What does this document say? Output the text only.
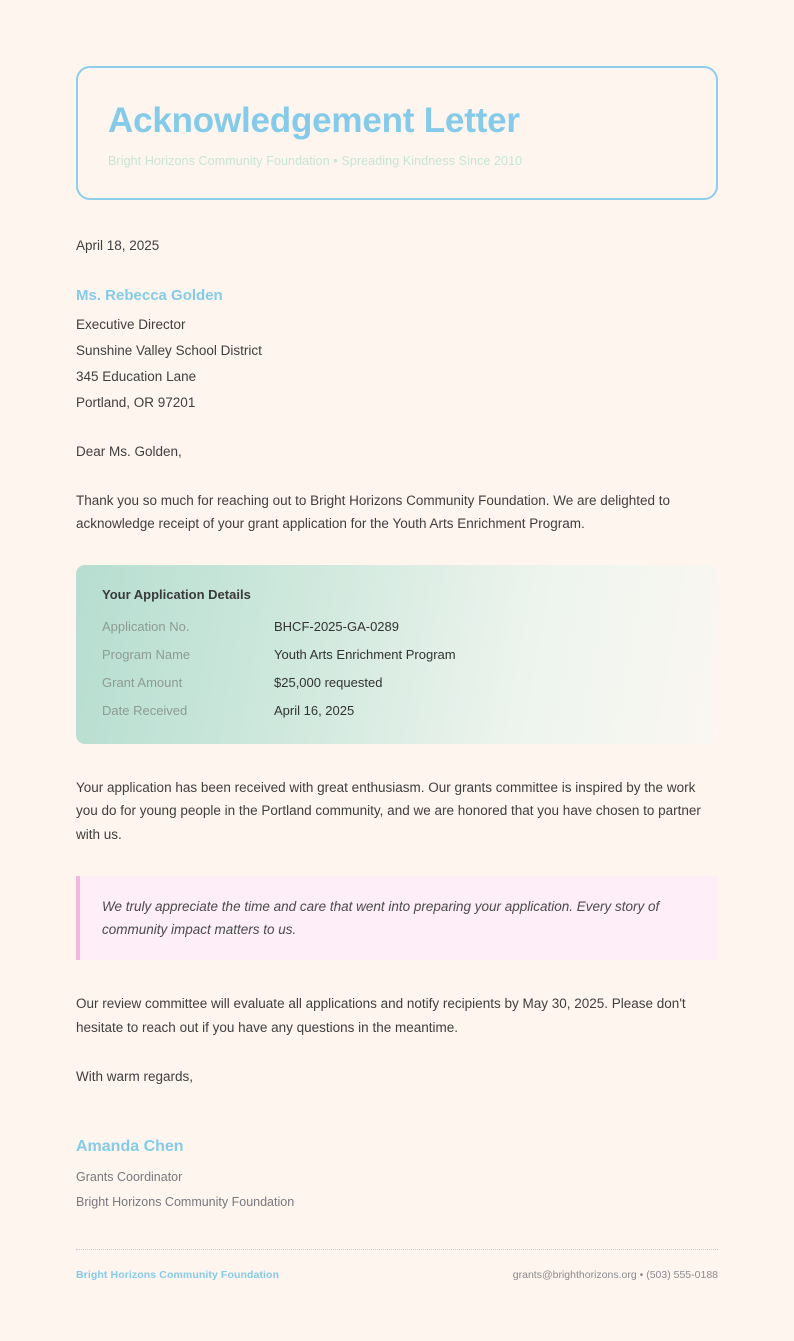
Acknowledgement Letter

Bright Horizons Community Foundation • Spreading Kindness Since 2010

April 18, 2025
Ms. Rebecca Golden
Executive Director
Sunshine Valley School District
345 Education Lane
Portland, OR 97201
Dear Ms. Golden,

Thank you so much for reaching out to Bright Horizons Community Foundation. We are delighted to acknowledge receipt of your grant application for the Youth Arts Enrichment Program.

Your Application Details
Application No.	BHCF-2025-GA-0289
Program Name	Youth Arts Enrichment Program
Grant Amount	$25,000 requested
Date Received	April 16, 2025

Your application has been received with great enthusiasm. Our grants committee is inspired by the work you do for young people in the Portland community, and we are honored that you have chosen to partner with us.

We truly appreciate the time and care that went into preparing your application. Every story of community impact matters to us.

Our review committee will evaluate all applications and notify recipients by May 30, 2025. Please don't hesitate to reach out if you have any questions in the meantime.

With warm regards,
Amanda Chen
Grants Coordinator
Bright Horizons Community Foundation
Bright Horizons Community Foundation	grants@brighthorizons.org • (503) 555-0188
